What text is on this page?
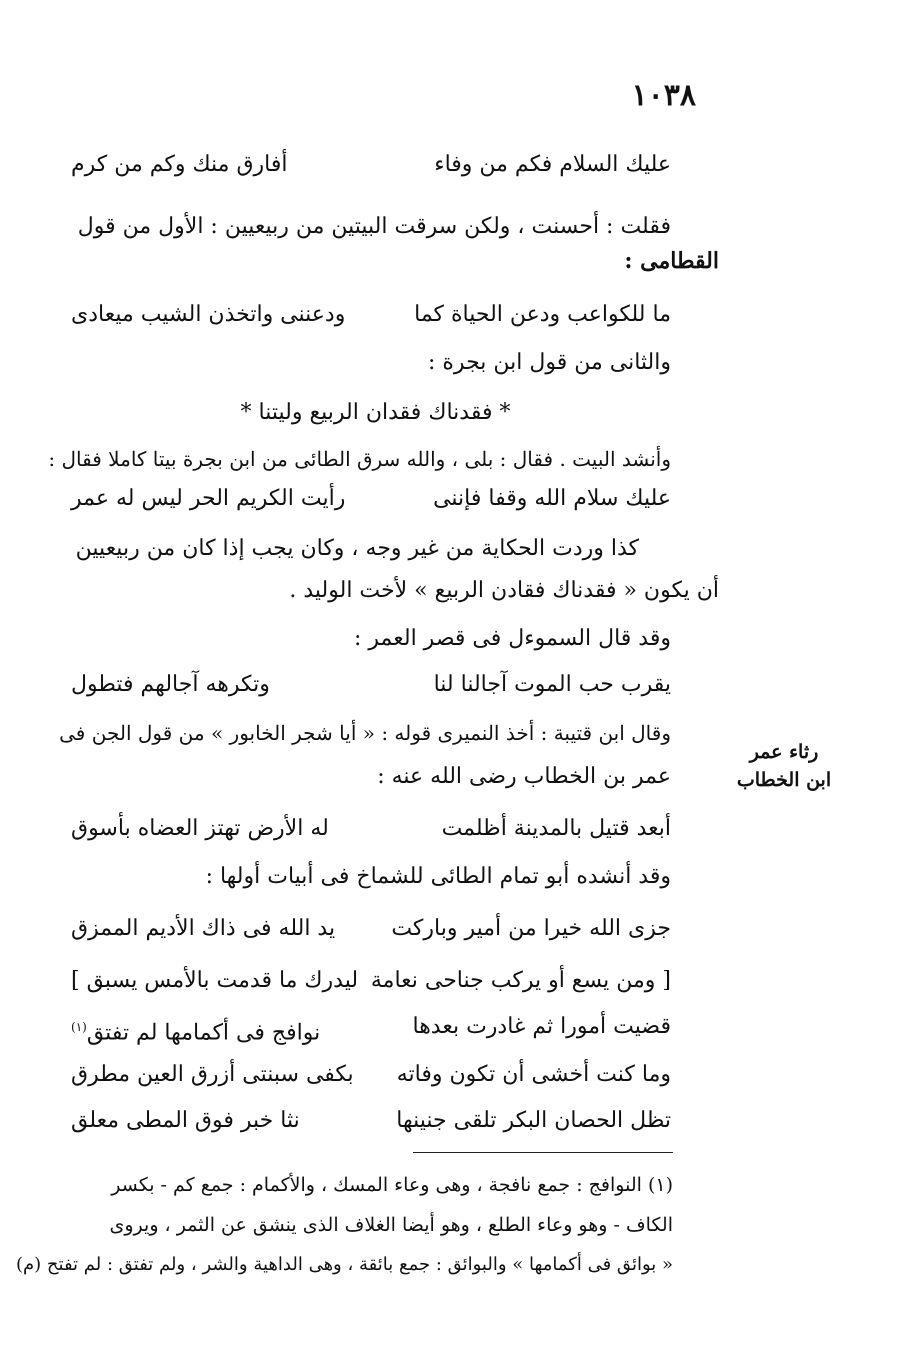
١٠٣٨
عليك السلام فكم من وفاء
أفارق منك وكم من كرم
فقلت : أحسنت ، ولكن سرقت البيتين من ربيعيين : الأول من قول
القطامى :
ما للكواعب ودعن الحياة كما
ودعننى واتخذن الشيب ميعادى
والثانى من قول ابن بجرة :
* فقدناك فقدان الربيع وليتنا *
وأنشد البيت . فقال : بلى ، والله سرق الطائى من ابن بجرة بيتا كاملا فقال :
عليك سلام الله وقفا فإننى
رأيت الكريم الحر ليس له عمر
كذا وردت الحكاية من غير وجه ، وكان يجب إذا كان من ربيعيين
أن يكون « فقدناك فقادن الربيع » لأخت الوليد .
وقد قال السموءل فى قصر العمر :
يقرب حب الموت آجالنا لنا
وتكرهه آجالهم فتطول
وقال ابن قتيبة : أخذ النميرى قوله : « أيا شجر الخابور » من قول الجن فى
عمر بن الخطاب رضى الله عنه :
أبعد قتيل بالمدينة أظلمت
له الأرض تهتز العضاه بأسوق
وقد أنشده أبو تمام الطائى للشماخ فى أبيات أولها :
جزى الله خيرا من أمير وباركت
يد الله فى ذاك الأديم الممزق
[ ومن يسع أو يركب جناحى نعامة
ليدرك ما قدمت بالأمس يسبق ]
قضيت أمورا ثم غادرت بعدها
نوافج فى أكمامها لم تفتق$^{(١)}$
وما كنت أخشى أن تكون وفاته
بكفى سبنتى أزرق العين مطرق
تظل الحصان البكر تلقى جنينها
نثا خبر فوق المطى معلق
رثاء عمر
ابن الخطاب
(١) النوافج : جمع نافجة ، وهى وعاء المسك ، والأكمام : جمع كم - بكسر
الكاف - وهو وعاء الطلع ، وهو أيضا الغلاف الذى ينشق عن الثمر ، ويروى
« بوائق فى أكمامها » والبوائق : جمع بائقة ، وهى الداهية والشر ، ولم تفتق : لم تفتح (م)
